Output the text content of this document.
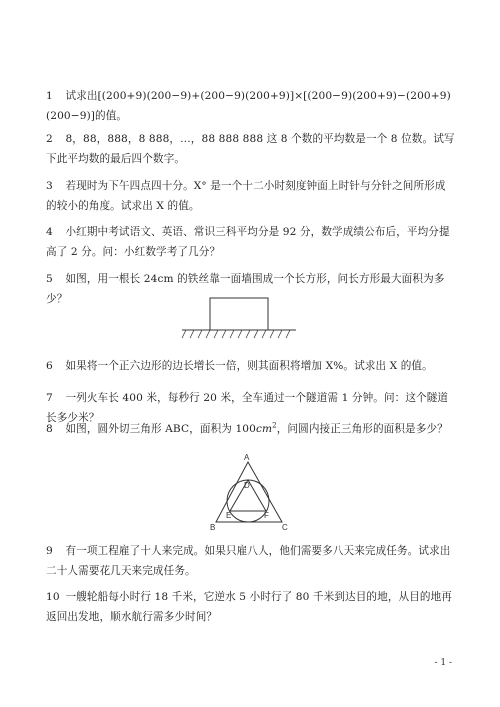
1 试求出[(200+9)(200−9)+(200−9)(200+9)]×[(200−9)(200+9)−(200+9)(200−9)]的值。

2 8，88，888，8 888，…，88 888 888 这 8 个数的平均数是一个 8 位数。试写下此平均数的最后四个数字。

3 若现时为下午四点四十分。X° 是一个十二小时刻度钟面上时针与分针之间所形成的较小的角度。试求出 X 的值。

4 小红期中考试语文、英语、常识三科平均分是 92 分，数学成绩公布后，平均分提高了 2 分。问：小红数学考了几分？

5 如图，用一根长 24cm 的铁丝靠一面墙围成一个长方形，问长方形最大面积为多少？

6 如果将一个正六边形的边长增长一倍，则其面积将增加 X%。试求出 X 的值。

7 一列火车长 400 米，每秒行 20 米，全车通过一个隧道需 1 分钟。问：这个隧道长多少米？

8 如图，圆外切三角形 ABC，面积为 $100cm^2$，问圆内接正三角形的面积是多少？

A
B	C
D
E	F

9 有一项工程雇了十人来完成。如果只雇八人，他们需要多八天来完成任务。试求出二十人需要花几天来完成任务。

10 一艘轮船每小时行 18 千米，它逆水 5 小时行了 80 千米到达目的地，从目的地再返回出发地，顺水航行需多少时间？

- 1 -
